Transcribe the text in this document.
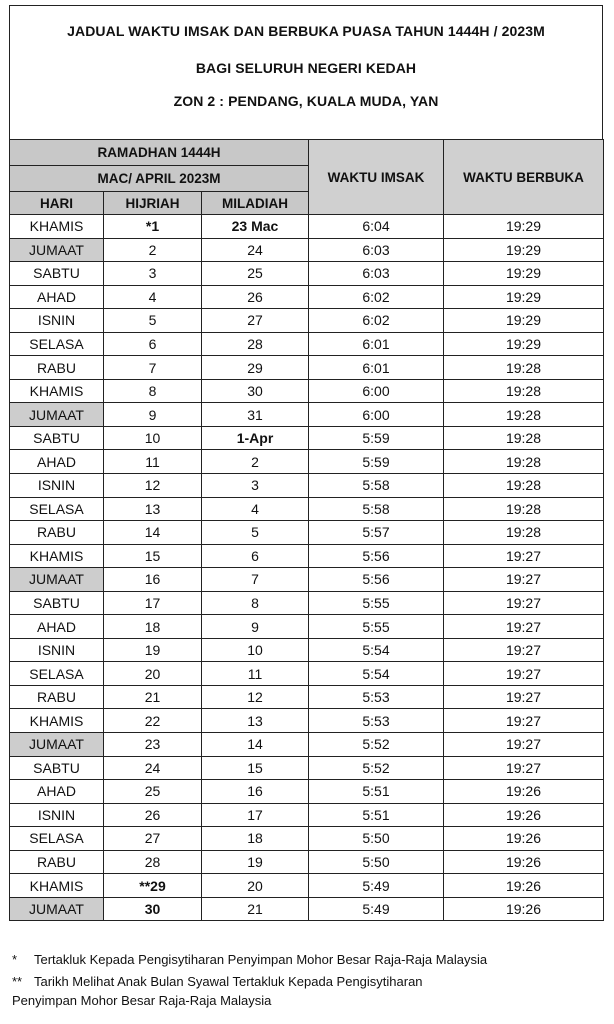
JADUAL WAKTU IMSAK DAN BERBUKA PUASA TAHUN 1444H / 2023M
BAGI SELURUH NEGERI KEDAH
ZON 2 : PENDANG, KUALA MUDA, YAN
RAMADHAN 1444H			WAKTU IMSAK	WAKTU BERBUKA
MAC/ APRIL 2023M				
HARI	HIJRIAH	MILADIAH		
KHAMIS	*1	23 Mac	6:04	19:29
JUMAAT	2	24	6:03	19:29
SABTU	3	25	6:03	19:29
AHAD	4	26	6:02	19:29
ISNIN	5	27	6:02	19:29
SELASA	6	28	6:01	19:29
RABU	7	29	6:01	19:28
KHAMIS	8	30	6:00	19:28
JUMAAT	9	31	6:00	19:28
SABTU	10	1-Apr	5:59	19:28
AHAD	11	2	5:59	19:28
ISNIN	12	3	5:58	19:28
SELASA	13	4	5:58	19:28
RABU	14	5	5:57	19:28
KHAMIS	15	6	5:56	19:27
JUMAAT	16	7	5:56	19:27
SABTU	17	8	5:55	19:27
AHAD	18	9	5:55	19:27
ISNIN	19	10	5:54	19:27
SELASA	20	11	5:54	19:27
RABU	21	12	5:53	19:27
KHAMIS	22	13	5:53	19:27
JUMAAT	23	14	5:52	19:27
SABTU	24	15	5:52	19:27
AHAD	25	16	5:51	19:26
ISNIN	26	17	5:51	19:26
SELASA	27	18	5:50	19:26
RABU	28	19	5:50	19:26
KHAMIS	**29	20	5:49	19:26
JUMAAT	30	21	5:49	19:26
*	Tertakluk Kepada Pengisytiharan Penyimpan Mohor Besar Raja-Raja Malaysia
** Tarikh Melihat Anak Bulan Syawal Tertakluk Kepada Pengisytiharan
Penyimpan Mohor Besar Raja-Raja Malaysia
